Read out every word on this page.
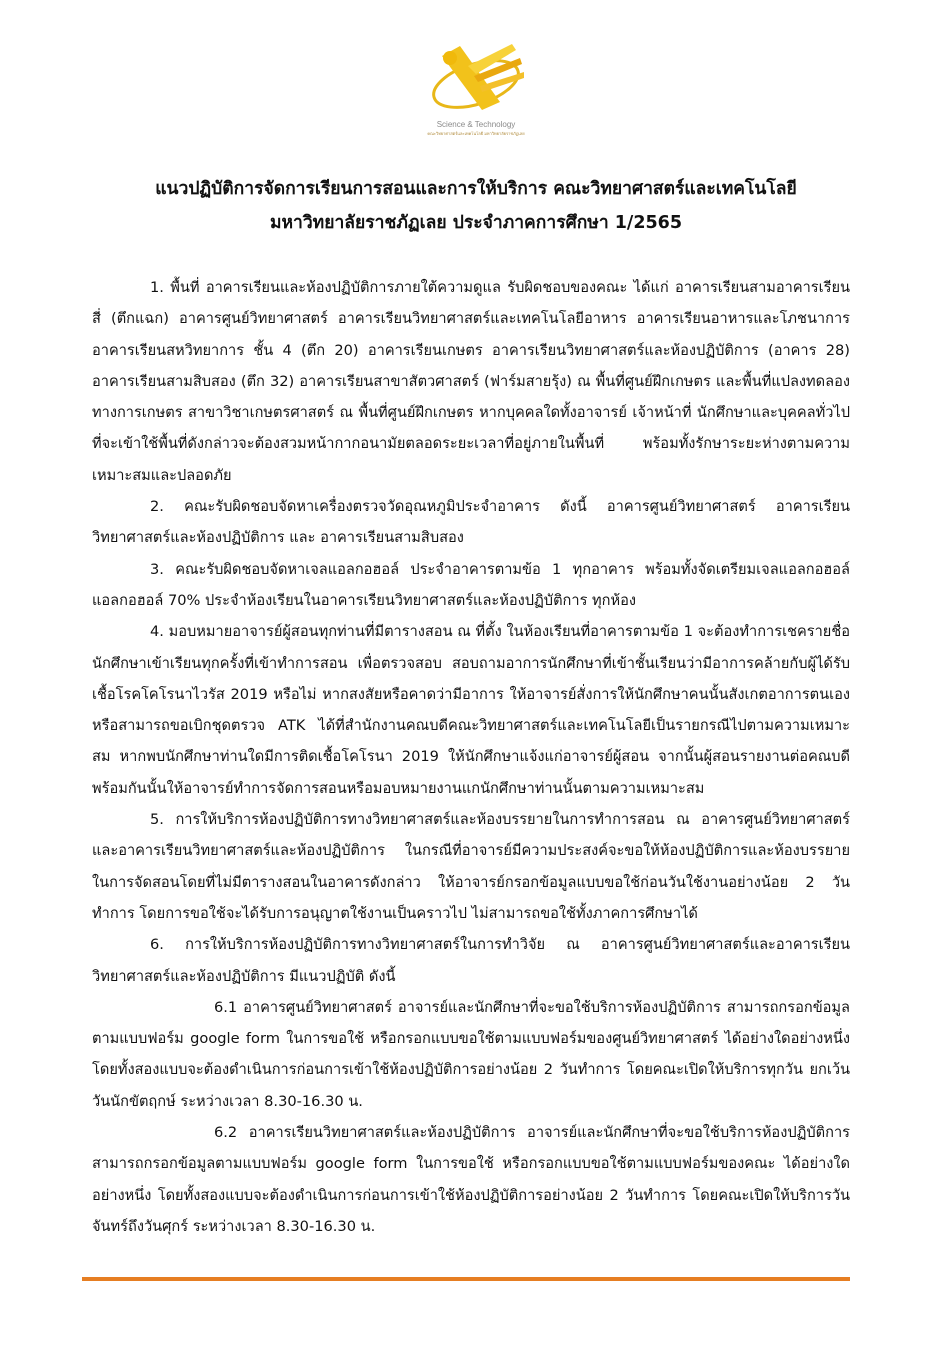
Science & Technology
คณะวิทยาศาสตร์และเทคโนโลยี มหาวิทยาลัยราชภัฏเลย
แนวปฏิบัติการจัดการเรียนการสอนและการให้บริการ คณะวิทยาศาสตร์และเทคโนโลยี
มหาวิทยาลัยราชภัฏเลย ประจำภาคการศึกษา 1/2565

1. พื้นที่ อาคารเรียนและห้องปฏิบัติการภายใต้ความดูแล รับผิดชอบของคณะ ได้แก่ อาคารเรียนสามอาคารเรียนสี่ (ตึกแฉก) อาคารศูนย์วิทยาศาสตร์ อาคารเรียนวิทยาศาสตร์และเทคโนโลยีอาหาร อาคารเรียนอาหารและโภชนาการ อาคารเรียนสหวิทยาการ ชั้น 4 (ตึก 20) อาคารเรียนเกษตร อาคารเรียนวิทยาศาสตร์และห้องปฏิบัติการ (อาคาร 28) อาคารเรียนสามสิบสอง (ตึก 32) อาคารเรียนสาขาสัตวศาสตร์ (ฟาร์มสายรุ้ง) ณ พื้นที่ศูนย์ฝึกเกษตร และพื้นที่แปลงทดลองทางการเกษตร สาขาวิชาเกษตรศาสตร์ ณ พื้นที่ศูนย์ฝึกเกษตร หากบุคคลใดทั้งอาจารย์ เจ้าหน้าที่ นักศึกษาและบุคคลทั่วไปที่จะเข้าใช้พื้นที่ดังกล่าวจะต้องสวมหน้ากากอนามัยตลอดระยะเวลาที่อยู่ภายในพื้นที่ พร้อมทั้งรักษาระยะห่างตามความเหมาะสมและปลอดภัย

2. คณะรับผิดชอบจัดหาเครื่องตรวจวัดอุณหภูมิประจำอาคาร ดังนี้ อาคารศูนย์วิทยาศาสตร์ อาคารเรียนวิทยาศาสตร์และห้องปฏิบัติการ และ อาคารเรียนสามสิบสอง

3. คณะรับผิดชอบจัดหาเจลแอลกอฮอล์ ประจำอาคารตามข้อ 1 ทุกอาคาร พร้อมทั้งจัดเตรียมเจลแอลกอฮอล์ แอลกอฮอล์ 70% ประจำห้องเรียนในอาคารเรียนวิทยาศาสตร์และห้องปฏิบัติการ ทุกห้อง

4. มอบหมายอาจารย์ผู้สอนทุกท่านที่มีตารางสอน ณ ที่ตั้ง ในห้องเรียนที่อาคารตามข้อ 1 จะต้องทำการเชครายชื่อนักศึกษาเข้าเรียนทุกครั้งที่เข้าทำการสอน เพื่อตรวจสอบ สอบถามอาการนักศึกษาที่เข้าชั้นเรียนว่ามีอาการคล้ายกับผู้ได้รับเชื้อโรคโคโรนาไวรัส 2019 หรือไม่ หากสงสัยหรือคาดว่ามีอาการ ให้อาจารย์สั่งการให้นักศึกษาคนนั้นสังเกตอาการตนเอง หรือสามารถขอเบิกชุดตรวจ ATK ได้ที่สำนักงานคณบดีคณะวิทยาศาสตร์และเทคโนโลยีเป็นรายกรณีไปตามความเหมาะสม หากพบนักศึกษาท่านใดมีการติดเชื้อโคโรนา 2019 ให้นักศึกษาแจ้งแก่อาจารย์ผู้สอน จากนั้นผู้สอนรายงานต่อคณบดี พร้อมกันนั้นให้อาจารย์ทำการจัดการสอนหรือมอบหมายงานแกนักศึกษาท่านนั้นตามความเหมาะสม

5. การให้บริการห้องปฏิบัติการทางวิทยาศาสตร์และห้องบรรยายในการทำการสอน ณ อาคารศูนย์วิทยาศาสตร์และอาคารเรียนวิทยาศาสตร์และห้องปฏิบัติการ ในกรณีที่อาจารย์มีความประสงค์จะขอให้ห้องปฏิบัติการและห้องบรรยายในการจัดสอนโดยที่ไม่มีตารางสอนในอาคารดังกล่าว ให้อาจารย์กรอกข้อมูลแบบขอใช้ก่อนวันใช้งานอย่างน้อย 2 วันทำการ โดยการขอใช้จะได้รับการอนุญาตใช้งานเป็นคราวไป ไม่สามารถขอใช้ทั้งภาคการศึกษาได้

6. การให้บริการห้องปฏิบัติการทางวิทยาศาสตร์ในการทำวิจัย ณ อาคารศูนย์วิทยาศาสตร์และอาคารเรียนวิทยาศาสตร์และห้องปฏิบัติการ มีแนวปฏิบัติ ดังนี้

6.1 อาคารศูนย์วิทยาศาสตร์ อาจารย์และนักศึกษาที่จะขอใช้บริการห้องปฏิบัติการ สามารถกรอกข้อมูลตามแบบฟอร์ม google form ในการขอใช้ หรือกรอกแบบขอใช้ตามแบบฟอร์มของศูนย์วิทยาศาสตร์ ได้อย่างใดอย่างหนึ่ง โดยทั้งสองแบบจะต้องดำเนินการก่อนการเข้าใช้ห้องปฏิบัติการอย่างน้อย 2 วันทำการ โดยคณะเปิดให้บริการทุกวัน ยกเว้นวันนักขัตฤกษ์ ระหว่างเวลา 8.30-16.30 น.

6.2 อาคารเรียนวิทยาศาสตร์และห้องปฏิบัติการ อาจารย์และนักศึกษาที่จะขอใช้บริการห้องปฏิบัติการ สามารถกรอกข้อมูลตามแบบฟอร์ม google form ในการขอใช้ หรือกรอกแบบขอใช้ตามแบบฟอร์มของคณะ ได้อย่างใดอย่างหนึ่ง โดยทั้งสองแบบจะต้องดำเนินการก่อนการเข้าใช้ห้องปฏิบัติการอย่างน้อย 2 วันทำการ โดยคณะเปิดให้บริการวันจันทร์ถึงวันศุกร์ ระหว่างเวลา 8.30-16.30 น.
